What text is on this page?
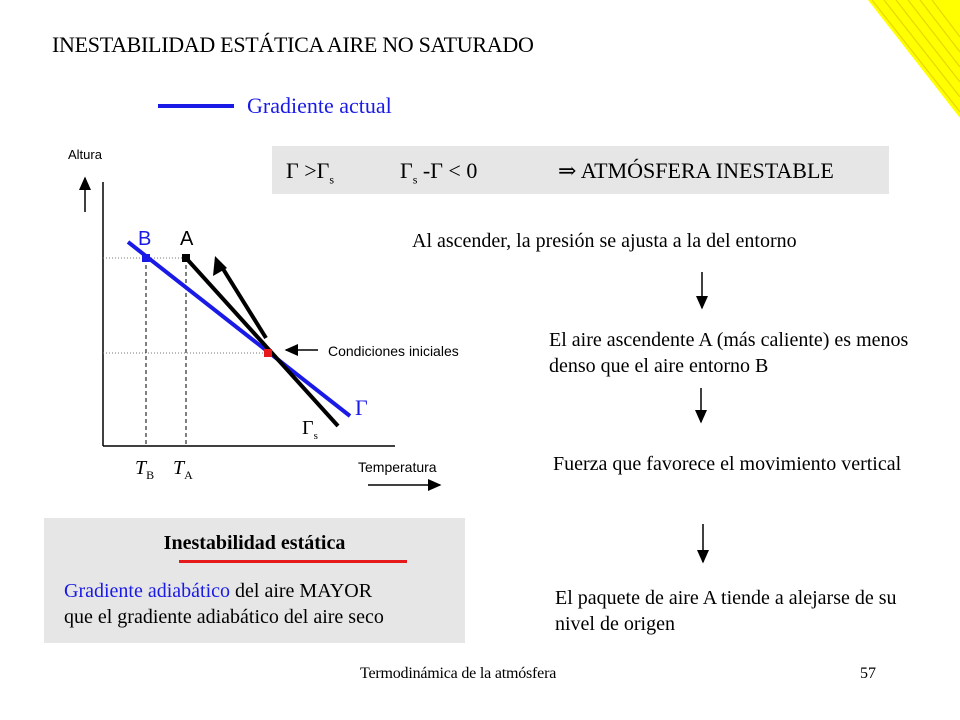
INESTABILIDAD ESTÁTICA AIRE NO SATURADO
Gradiente actual
$\Gamma >\Gamma_s$	$\Gamma_s$ -Γ < 0	⇒ ATMÓSFERA INESTABLE
Altura
Temperatura
B A
Condiciones iniciales
Γ
$\Gamma_s$
$T_B$ $T_A$
Al ascender, la presión se ajusta a la del entorno
El aire ascendente A (más caliente) es menos denso que el aire entorno B
Fuerza que favorece el movimiento vertical
El paquete de aire A tiende a alejarse de su nivel de origen
Inestabilidad estática
Gradiente adiabático del aire MAYOR
que el gradiente adiabático del aire seco
Termodinámica de la atmósfera	57
